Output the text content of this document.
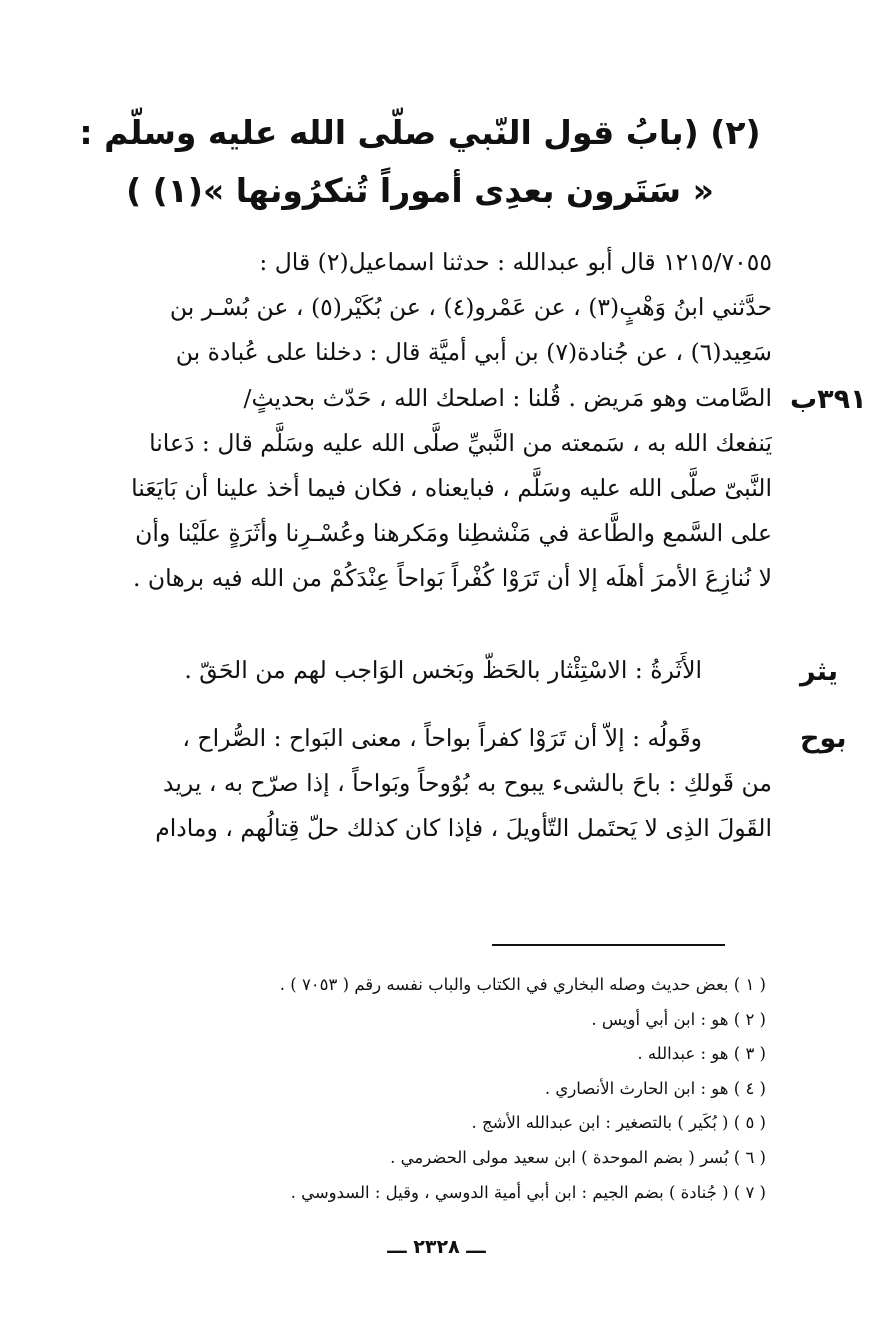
(٢) (بابُ قول النّبي صلّى الله عليه وسلّم :
« سَتَرون بعدِى أموراً تُنكرُونها »(١) )
١٢١٥/٧٠٥٥ قال أبو عبدالله : حدثنا اسماعيل(٢) قال :
حدَّثني ابنُ وَهْبٍ(٣) ، عن عَمْرو(٤) ، عن بُكَيْر(٥) ، عن بُسْـر بن
سَعِيد(٦) ، عن جُنادة(٧) بن أبي أميَّة قال : دخلنا على عُبادة بن
الصَّامت وهو مَريض . قُلنا : اصلحك الله ، حَدّث بحديثٍ/
يَنفعك الله به ، سَمعته من النَّبيِّ صلَّى الله عليه وسَلَّم قال : دَعانا
النَّبىّ صلَّى الله عليه وسَلَّم ، فبايعناه ، فكان فيما أخذ علينا أن بَايَعَنا
على السَّمع والطَّاعة في مَنْشطِنا ومَكرهنا وعُسْـرِنا وأثَرَةٍ علَيْنا وأن
لا نُنازِعَ الأمرَ أهلَه إلا أن تَرَوْا كُفْراً بَواحاً عِنْدَكُمْ من الله فيه برهان .
٣٩١ب
يثر
بوح
الأَثَرةُ : الاسْتِئْثار بالحَظّ وبَخس الوَاجب لهم من الحَقّ .
وقَولُه : إلاّ أن تَرَوْا كفراً بواحاً ، معنى البَواح : الصُّراح ،
من قَولكِ : باحَ بالشىء يبوح به بُوُوحاً وبَواحاً ، إذا صرّح به ، يريد
القَولَ الذِى لا يَحتَمل التّأويلَ ، فإذا كان كذلك حلّ قِتالُهم ، ومادام
( ١ ) بعض حديث وصله البخاري في الكتاب والباب نفسه رقم ( ٧٠٥٣ ) .
( ٢ ) هو : ابن أبي أويس .
( ٣ ) هو : عبدالله .
( ٤ ) هو : ابن الحارث الأنصاري .
( ٥ ) ( بُكَير ) بالتصغير : ابن عبدالله الأشج .
( ٦ ) بُسر ( بضم الموحدة ) ابن سعيد مولى الحضرمي .
( ٧ ) ( جُنادة ) بضم الجيم : ابن أبي أمية الدوسي ، وقيل : السدوسي .
ـــ ٢٣٢٨ ـــ
